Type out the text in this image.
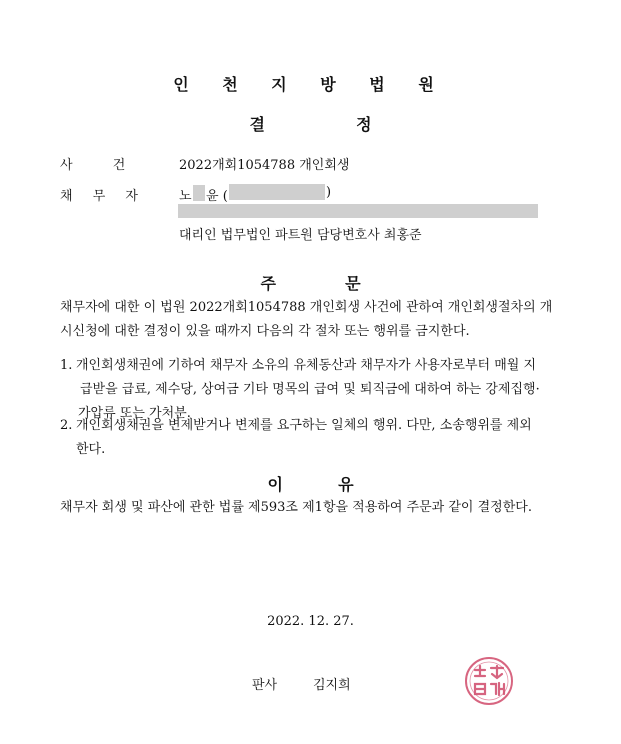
인 천 지 방 법 원
결	정
사 건	2022개회1054788 개인회생
채 무 자	노 윤 (	)
대리인 법무법인 파트원 담당변호사 최홍준
주	문
채무자에 대한 이 법원 2022개회1054788 개인회생 사건에 관하여 개인회생절차의 개
시신청에 대한 결정이 있을 때까지 다음의 각 절차 또는 행위를 금지한다.
1. 개인회생채권에 기하여 채무자 소유의 유체동산과 채무자가 사용자로부터 매월 지
급받을 급료, 제수당, 상여금 기타 명목의 급여 및 퇴직금에 대하여 하는 강제집행·
가압류 또는 가처분.
2. 개인회생채권을 변제받거나 변제를 요구하는 일체의 행위. 다만, 소송행위를 제외
한다.
이	유
채무자 회생 및 파산에 관한 법률 제593조 제1항을 적용하여 주문과 같이 결정한다.
2022. 12. 27.
판사	김지희
